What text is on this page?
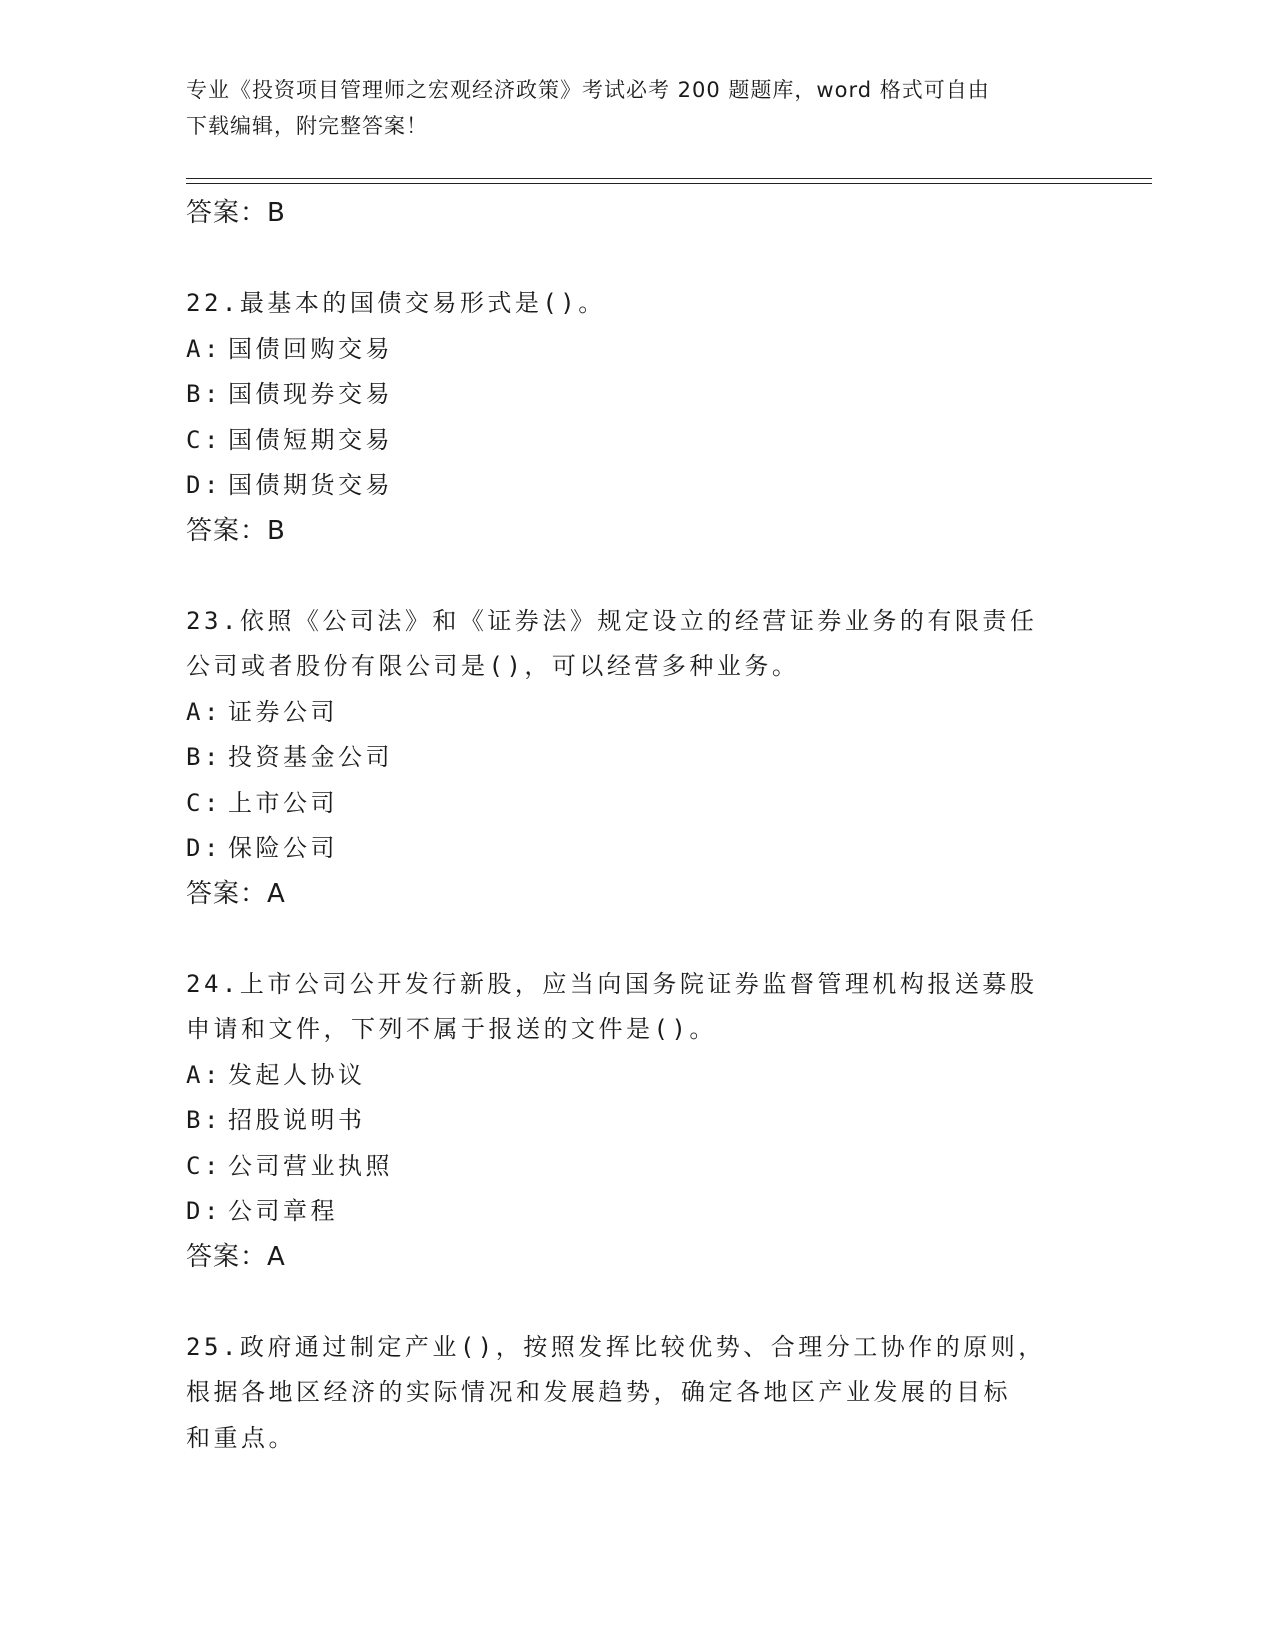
专业《投资项目管理师之宏观经济政策》考试必考 200 题题库，word 格式可自由
下载编辑，附完整答案！
答案：B
22.最基本的国债交易形式是()。
A: 国债回购交易
B: 国债现券交易
C: 国债短期交易
D: 国债期货交易
答案：B
23.依照《公司法》和《证券法》规定设立的经营证券业务的有限责任
公司或者股份有限公司是()，可以经营多种业务。
A: 证券公司
B: 投资基金公司
C: 上市公司
D: 保险公司
答案：A
24.上市公司公开发行新股，应当向国务院证券监督管理机构报送募股
申请和文件，下列不属于报送的文件是()。
A: 发起人协议
B: 招股说明书
C: 公司营业执照
D: 公司章程
答案：A
25.政府通过制定产业()，按照发挥比较优势、合理分工协作的原则，
根据各地区经济的实际情况和发展趋势，确定各地区产业发展的目标
和重点。
